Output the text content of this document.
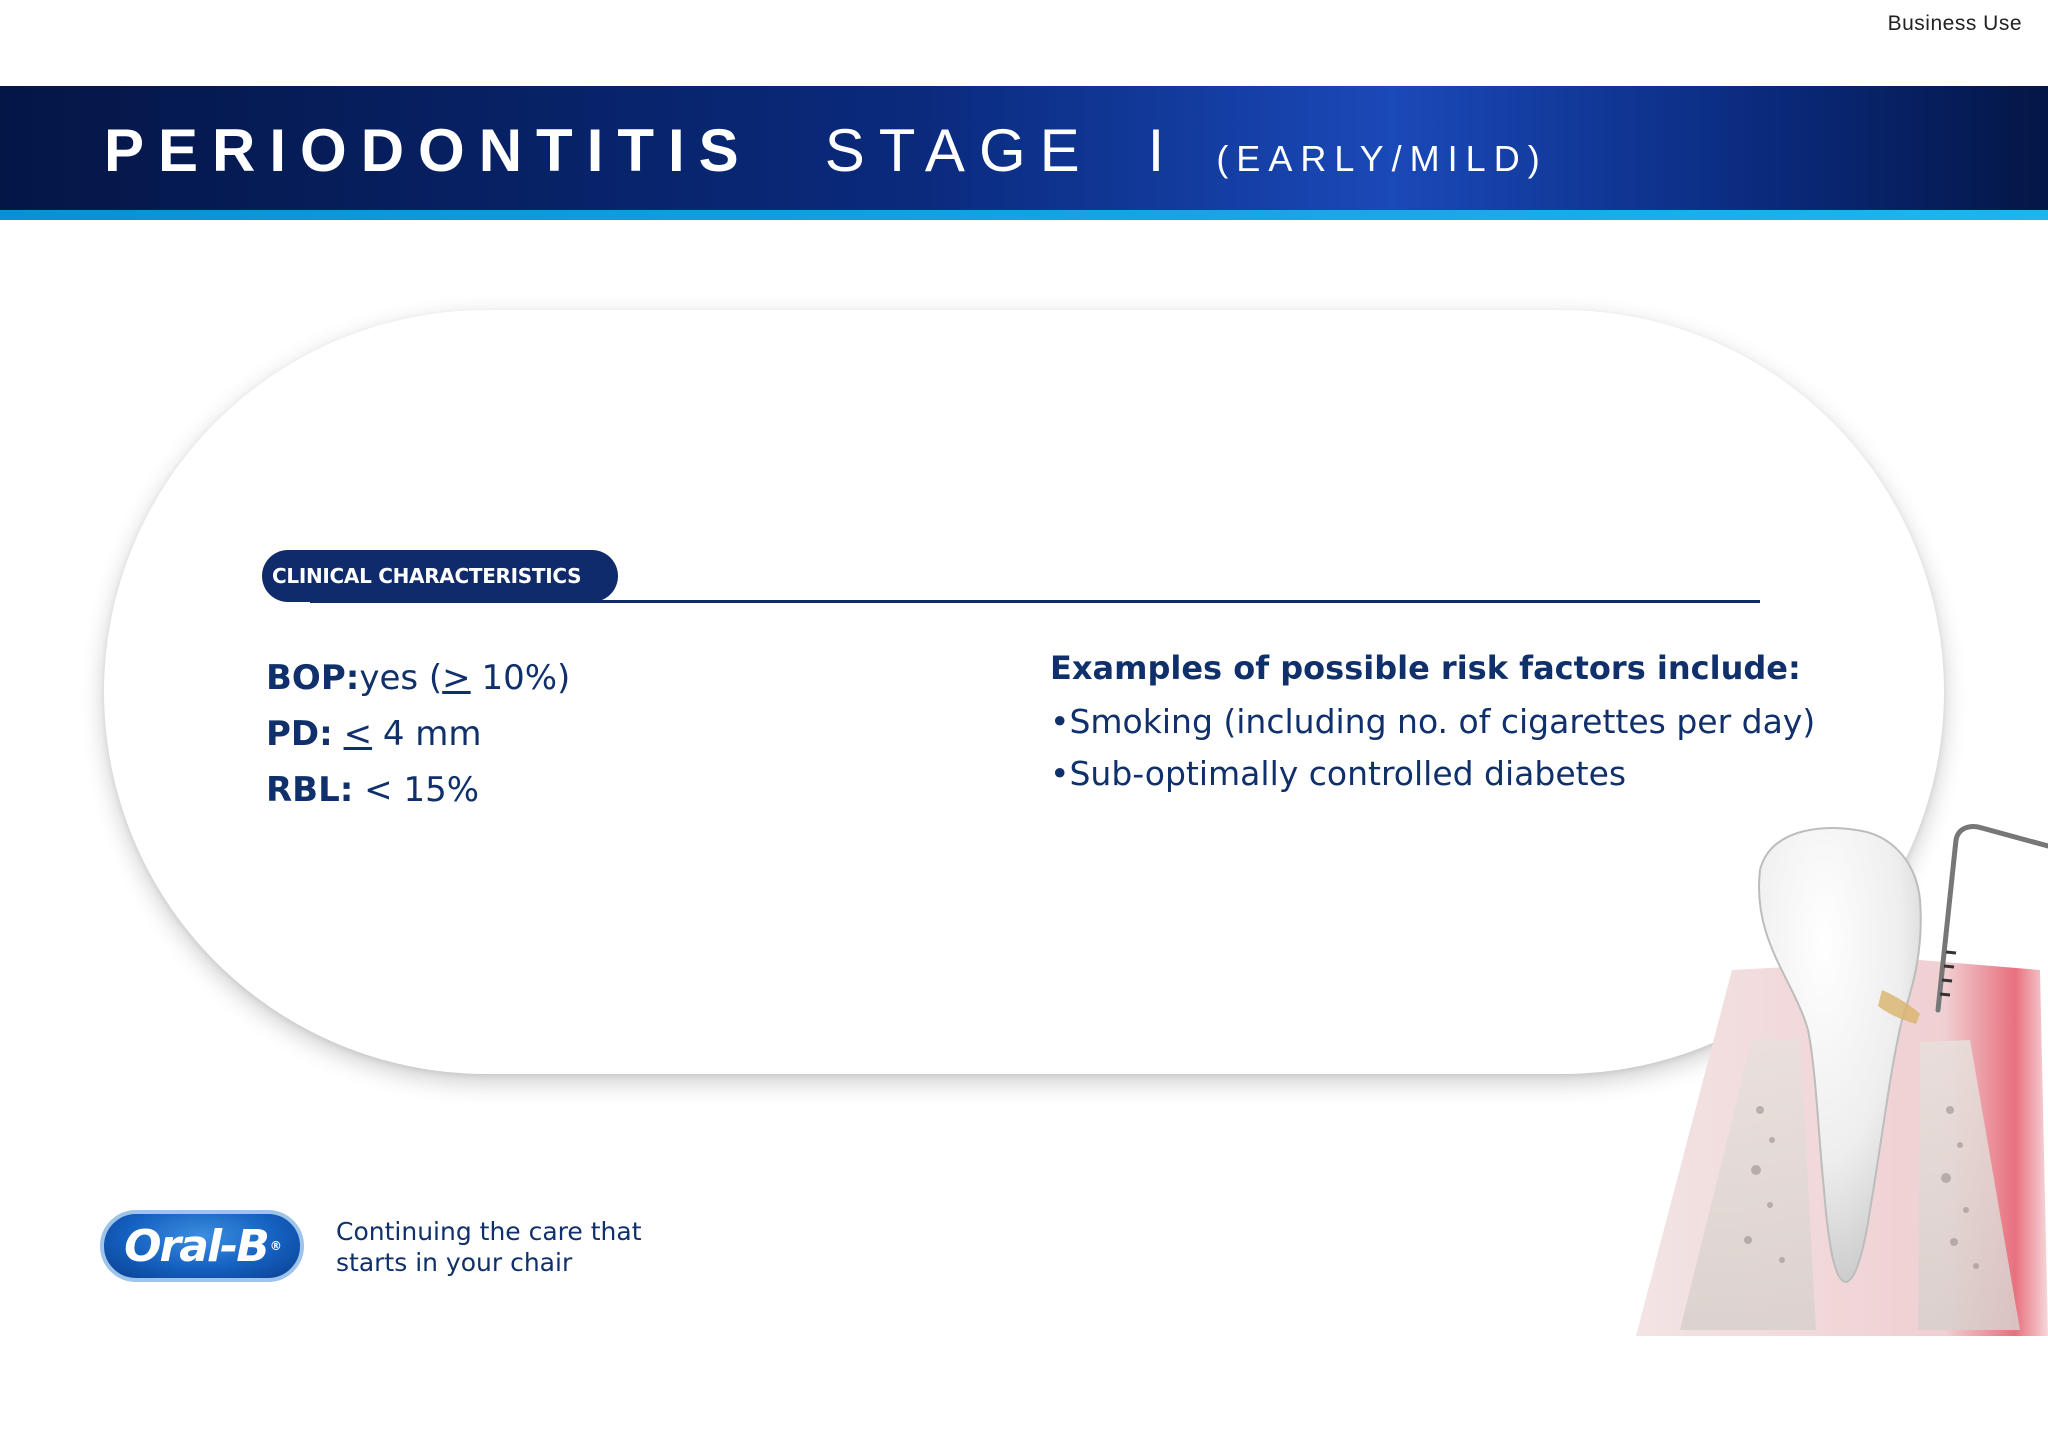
Business Use
PERIODONTITIS STAGE I (EARLY/MILD)
CLINICAL CHARACTERISTICS
BOP:yes (> 10%)
PD: < 4 mm
RBL: < 15%
Examples of possible risk factors include:
•Smoking (including no. of cigarettes per day)
•Sub-optimally controlled diabetes
Oral-B ® Continuing the care that
starts in your chair
